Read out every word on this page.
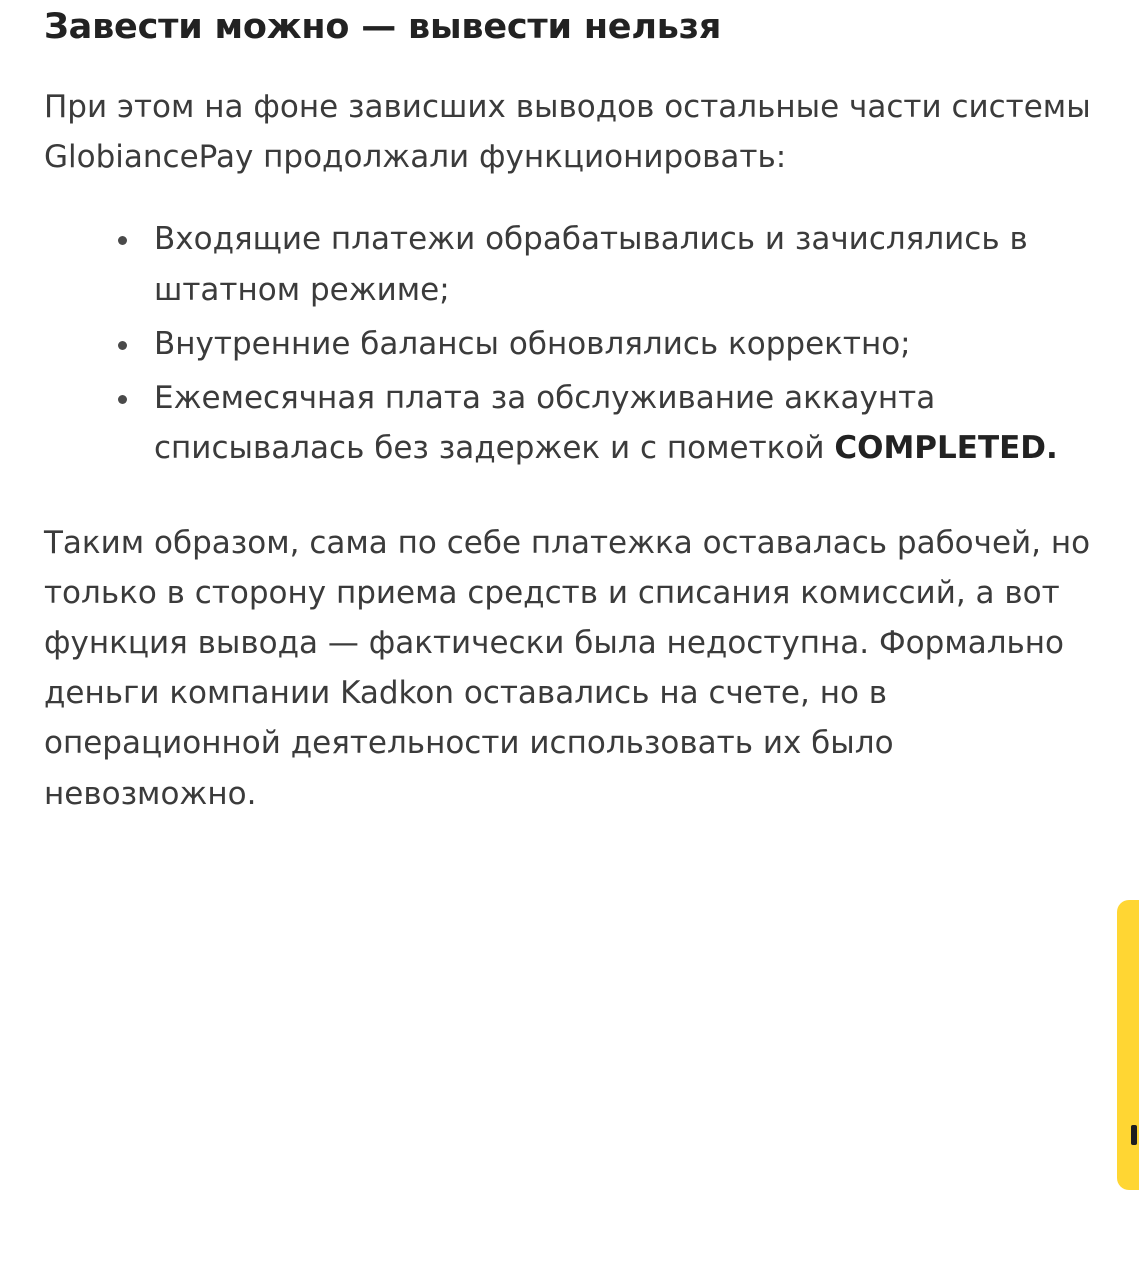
Завести можно — вывести нельзя

При этом на фоне зависших выводов остальные части системы GlobiancePay продолжали функционировать:

Входящие платежи обрабатывались и зачислялись в штатном режиме;
Внутренние балансы обновлялись корректно;
Ежемесячная плата за обслуживание аккаунта списывалась без задержек и с пометкой COMPLETED.

Таким образом, сама по себе платежка оставалась рабочей, но только в сторону приема средств и списания комиссий, а вот функция вывода — фактически была недоступна. Формально деньги компании Kadkon оставались на счете, но в операционной деятельности использовать их было невозможно.
